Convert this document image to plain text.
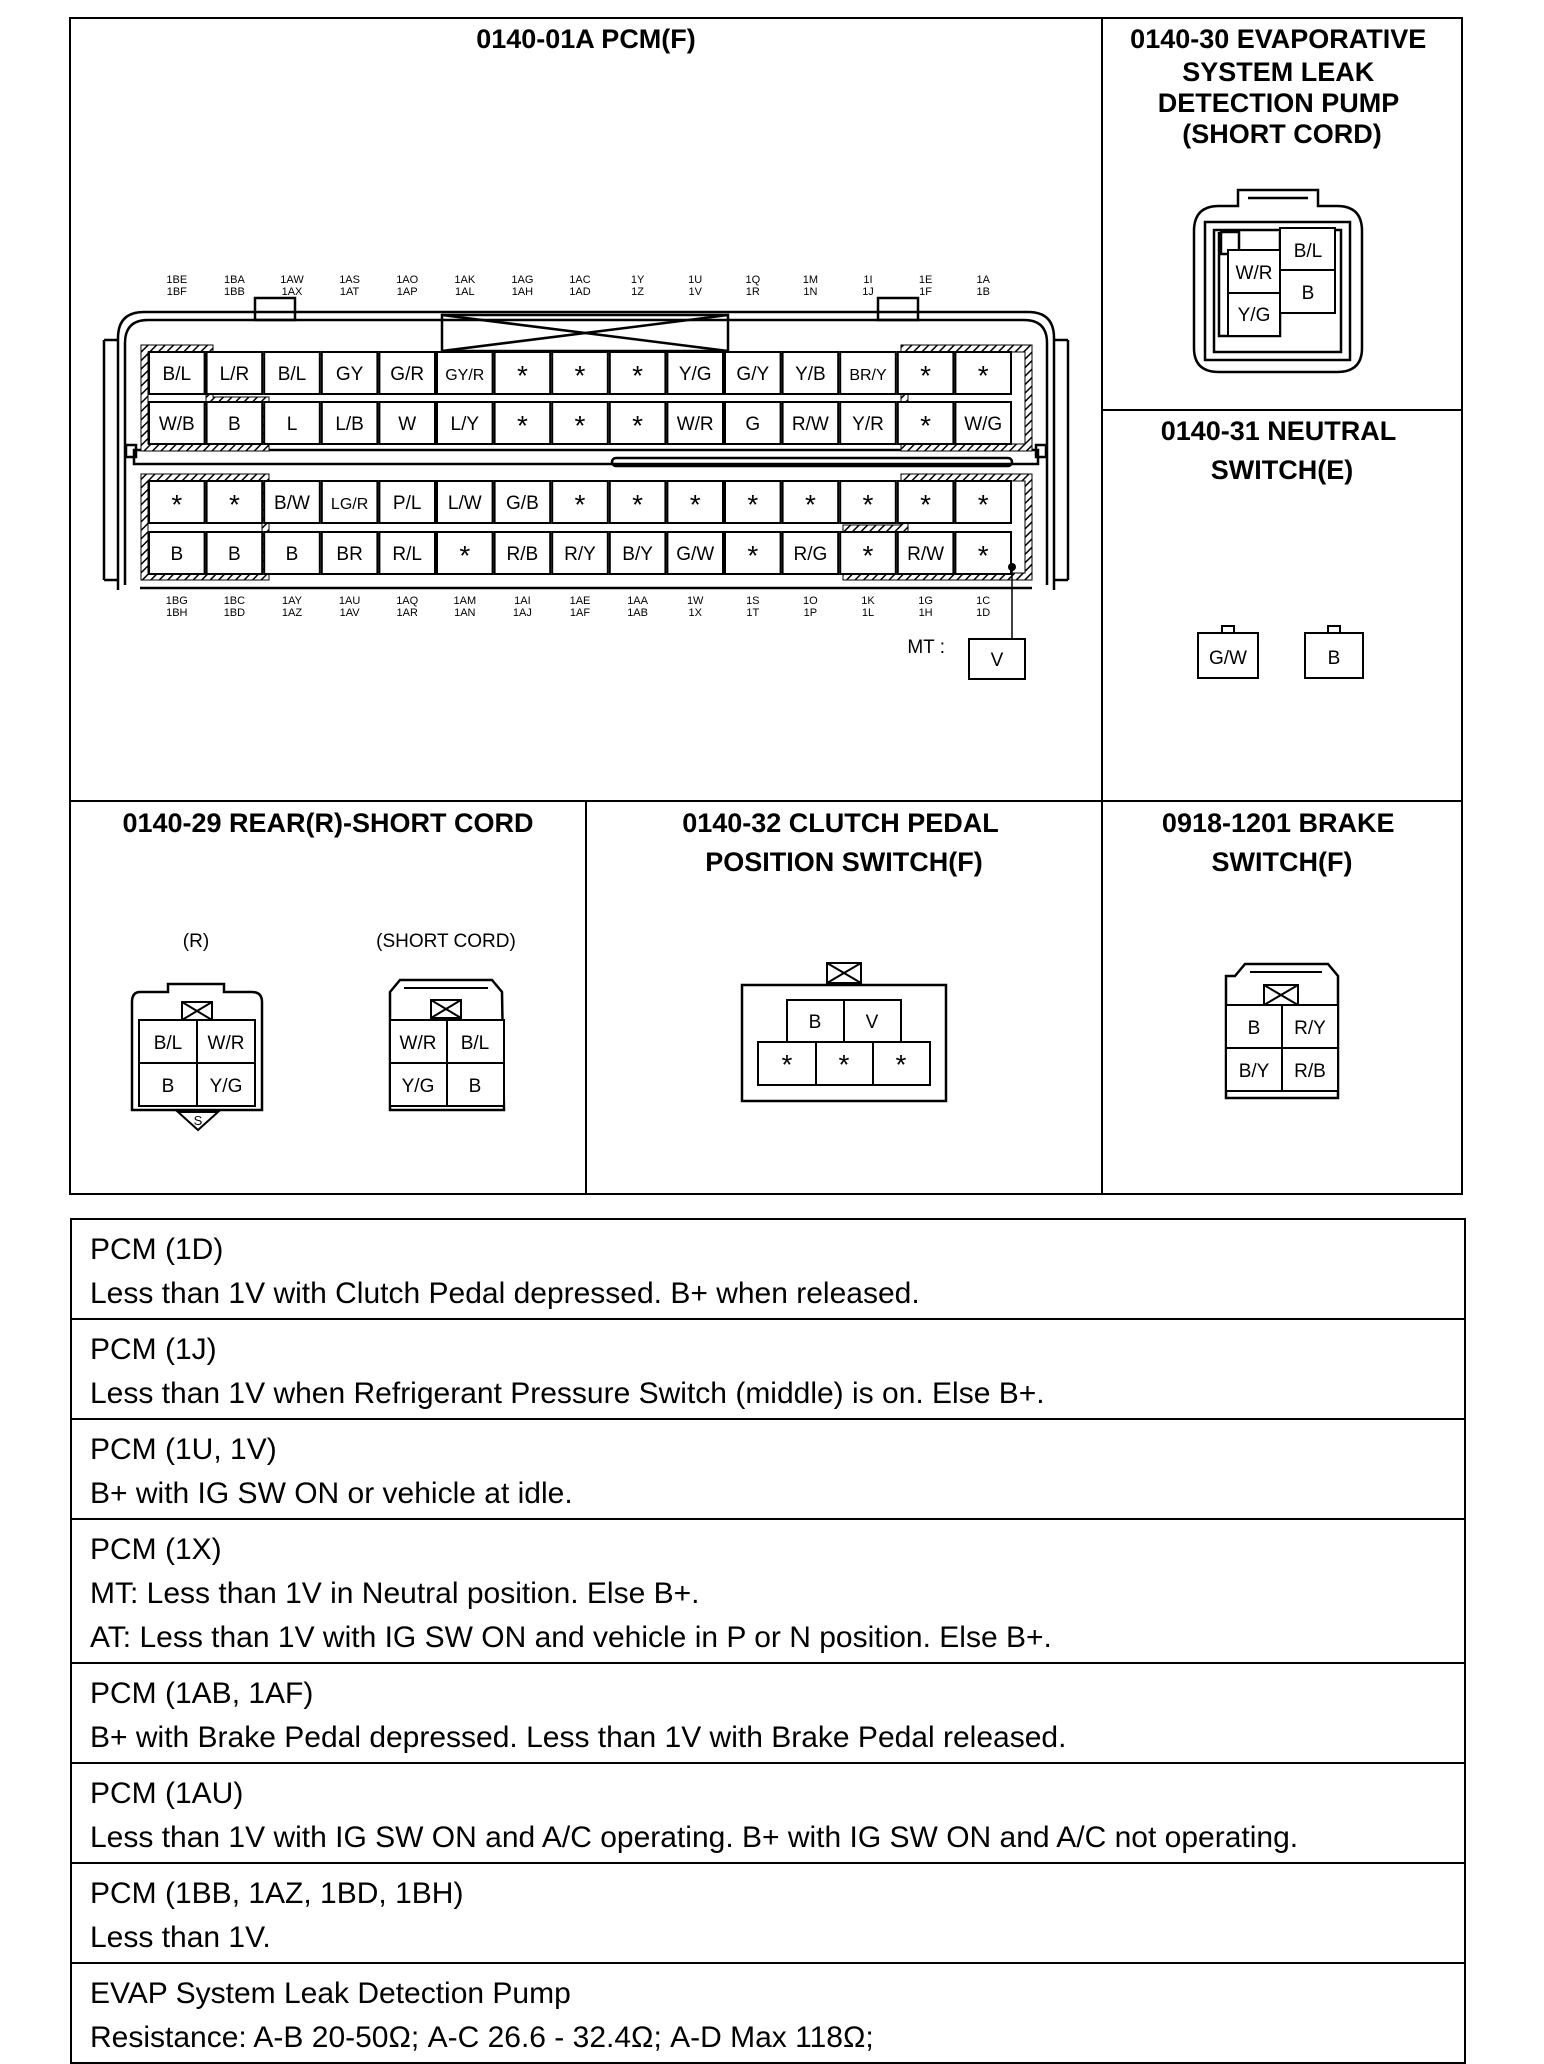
0140-01A PCM(F)
B/L L/R B/L GY G/R GY/R * * * Y/G G/Y Y/B BR/Y * *
W/B B L L/B W L/Y * * * W/R G R/W Y/R * W/G
* * B/W LG/R P/L L/W G/B * * * * * * * *
B B B BR R/L * R/B R/Y B/Y G/W * R/G * R/W *
1BE
1BF
1BA
1BB
1AW
1AX
1AS
1AT
1AO
1AP
1AK
1AL
1AG
1AH
1AC
1AD
1Y
1Z
1U
1V
1Q
1R
1M
1N
1I
1J
1E
1F
1A
1B
1BG
1BH
1BC
1BD
1AY
1AZ
1AU
1AV
1AQ
1AR
1AM
1AN
1AI
1AJ
1AE
1AF
1AA
1AB
1W
1X
1S
1T
1O
1P
1K
1L
1G
1H
1C
1D
MT :
V
0140-30 EVAPORATIVE SYSTEM LEAK DETECTION PUMP (SHORT CORD)
B/L
W/R
B
Y/G
0140-31 NEUTRAL SWITCH(E)
G/W	B
0140-29 REAR(R)-SHORT CORD
(R)	(SHORT CORD)
S
B/L W/R
B Y/G
W/R B/L
Y/G B
0140-32 CLUTCH PEDAL POSITION SWITCH(F)
B V
* * *
0918-1201 BRAKE SWITCH(F)
B R/Y
B/Y R/B
PCM (1D)
Less than 1V with Clutch Pedal depressed. B+ when released.
PCM (1J)
Less than 1V when Refrigerant Pressure Switch (middle) is on. Else B+.
PCM (1U, 1V)
B+ with IG SW ON or vehicle at idle.
PCM (1X)
MT: Less than 1V in Neutral position. Else B+.
AT: Less than 1V with IG SW ON and vehicle in P or N position. Else B+.
PCM (1AB, 1AF)
B+ with Brake Pedal depressed. Less than 1V with Brake Pedal released.
PCM (1AU)
Less than 1V with IG SW ON and A/C operating. B+ with IG SW ON and A/C not operating.
PCM (1BB, 1AZ, 1BD, 1BH)
Less than 1V.
EVAP System Leak Detection Pump
Resistance: A-B 20-50Ω; A-C 26.6 - 32.4Ω; A-D Max 118Ω;
